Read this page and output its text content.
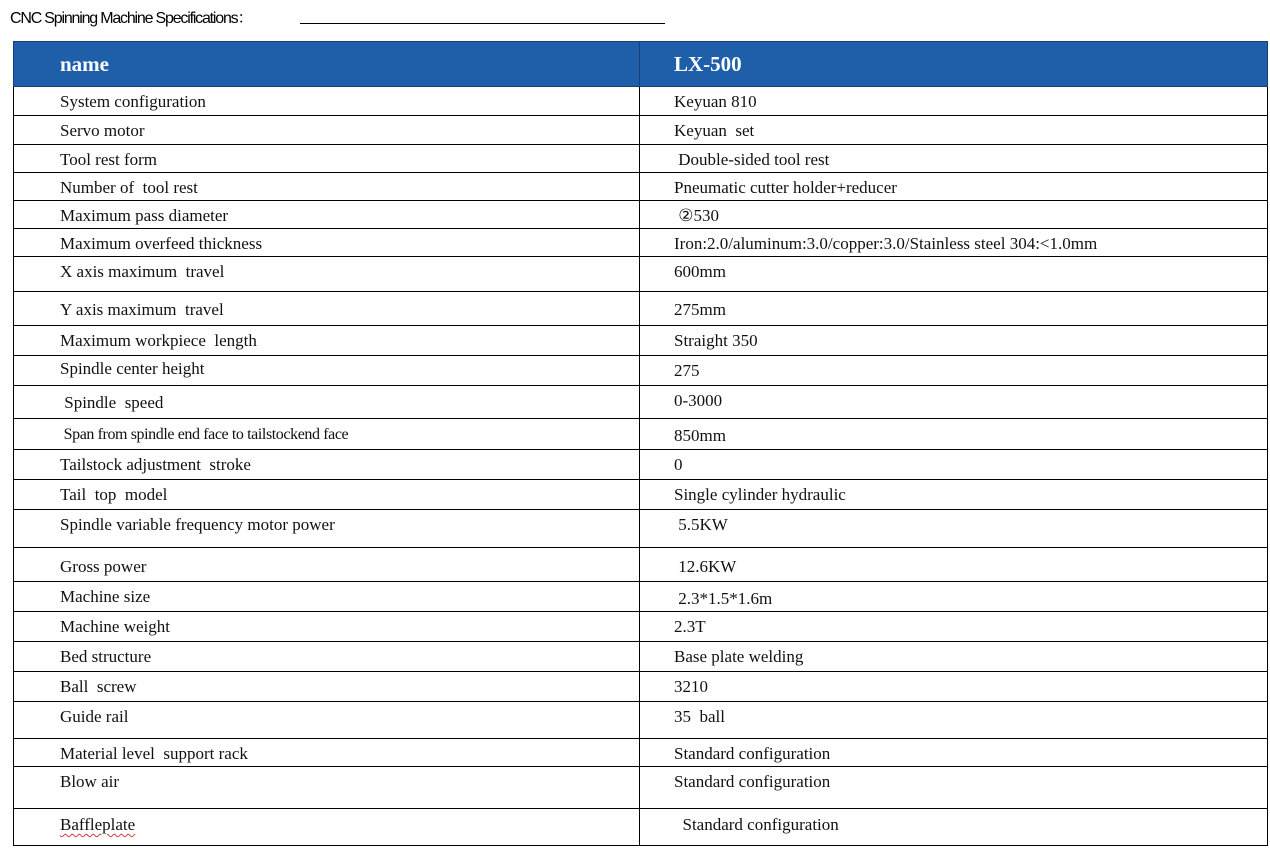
CNC Spinning Machine Specifications：
name	LX-500
System configuration	Keyuan 810
Servo motor	Keyuan  set
Tool rest form	Double-sided tool rest
Number of  tool rest	Pneumatic cutter holder+reducer
Maximum pass diameter	②530
Maximum overfeed thickness	Iron:2.0/aluminum:3.0/copper:3.0/Stainless steel 304:<1.0mm
X axis maximum  travel	600mm
Y axis maximum  travel	275mm
Maximum workpiece  length	Straight 350
Spindle center height	275
Spindle  speed	0-3000
Span from spindle end face to tailstockend face	850mm
Tailstock adjustment  stroke	0
Tail  top  model	Single cylinder hydraulic
Spindle variable frequency motor power	5.5KW
Gross power	12.6KW
Machine size	2.3*1.5*1.6m
Machine weight	2.3T
Bed structure	Base plate welding
Ball  screw	3210
Guide rail	35  ball
Material level  support rack	Standard configuration
Blow air	Standard configuration
Baffleplate	Standard configuration
